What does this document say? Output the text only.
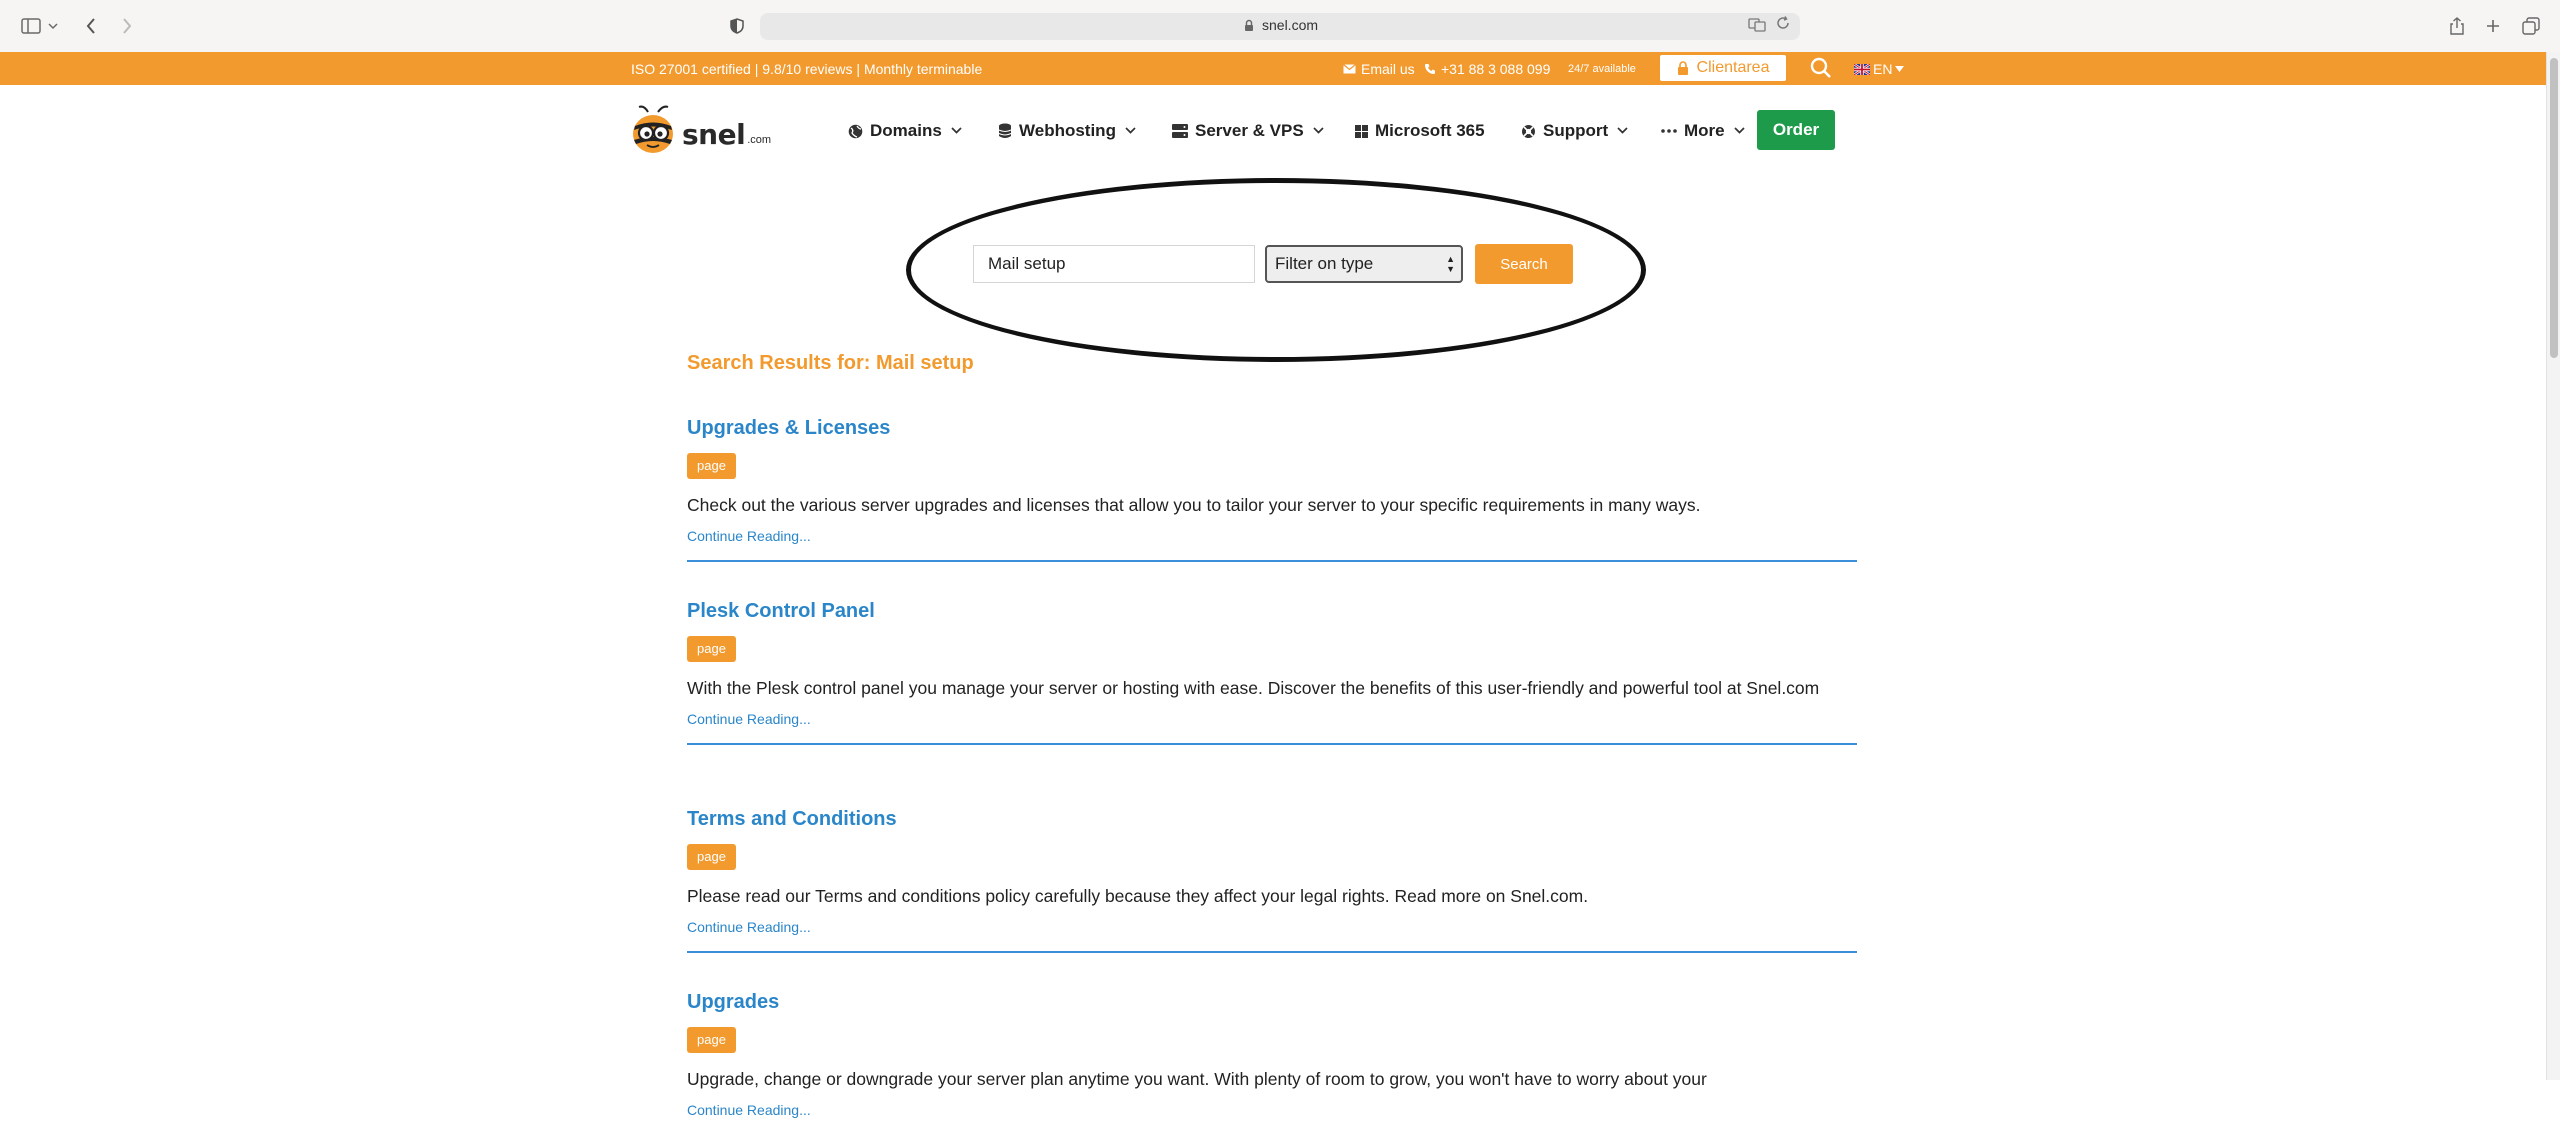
snel.com
ISO 27001 certified | 9.8/10 reviews | Monthly terminable	Email us +31 88 3 088 099 24/7 available	Clientarea	EN
snel .com	Domains	Webhosting	Server & VPS	Microsoft 365	Support	More	Order
Mail setup	Filter on type	▲
▼	Search
Search Results for: Mail setup
Upgrades & Licenses
page
Check out the various server upgrades and licenses that allow you to tailor your server to your specific requirements in many ways.
Continue Reading...
Plesk Control Panel
page
With the Plesk control panel you manage your server or hosting with ease. Discover the benefits of this user-friendly and powerful tool at Snel.com
Continue Reading...
Terms and Conditions
page
Please read our Terms and conditions policy carefully because they affect your legal rights. Read more on Snel.com.
Continue Reading...
Upgrades
page
Upgrade, change or downgrade your server plan anytime you want. With plenty of room to grow, you won't have to worry about your
Continue Reading...
